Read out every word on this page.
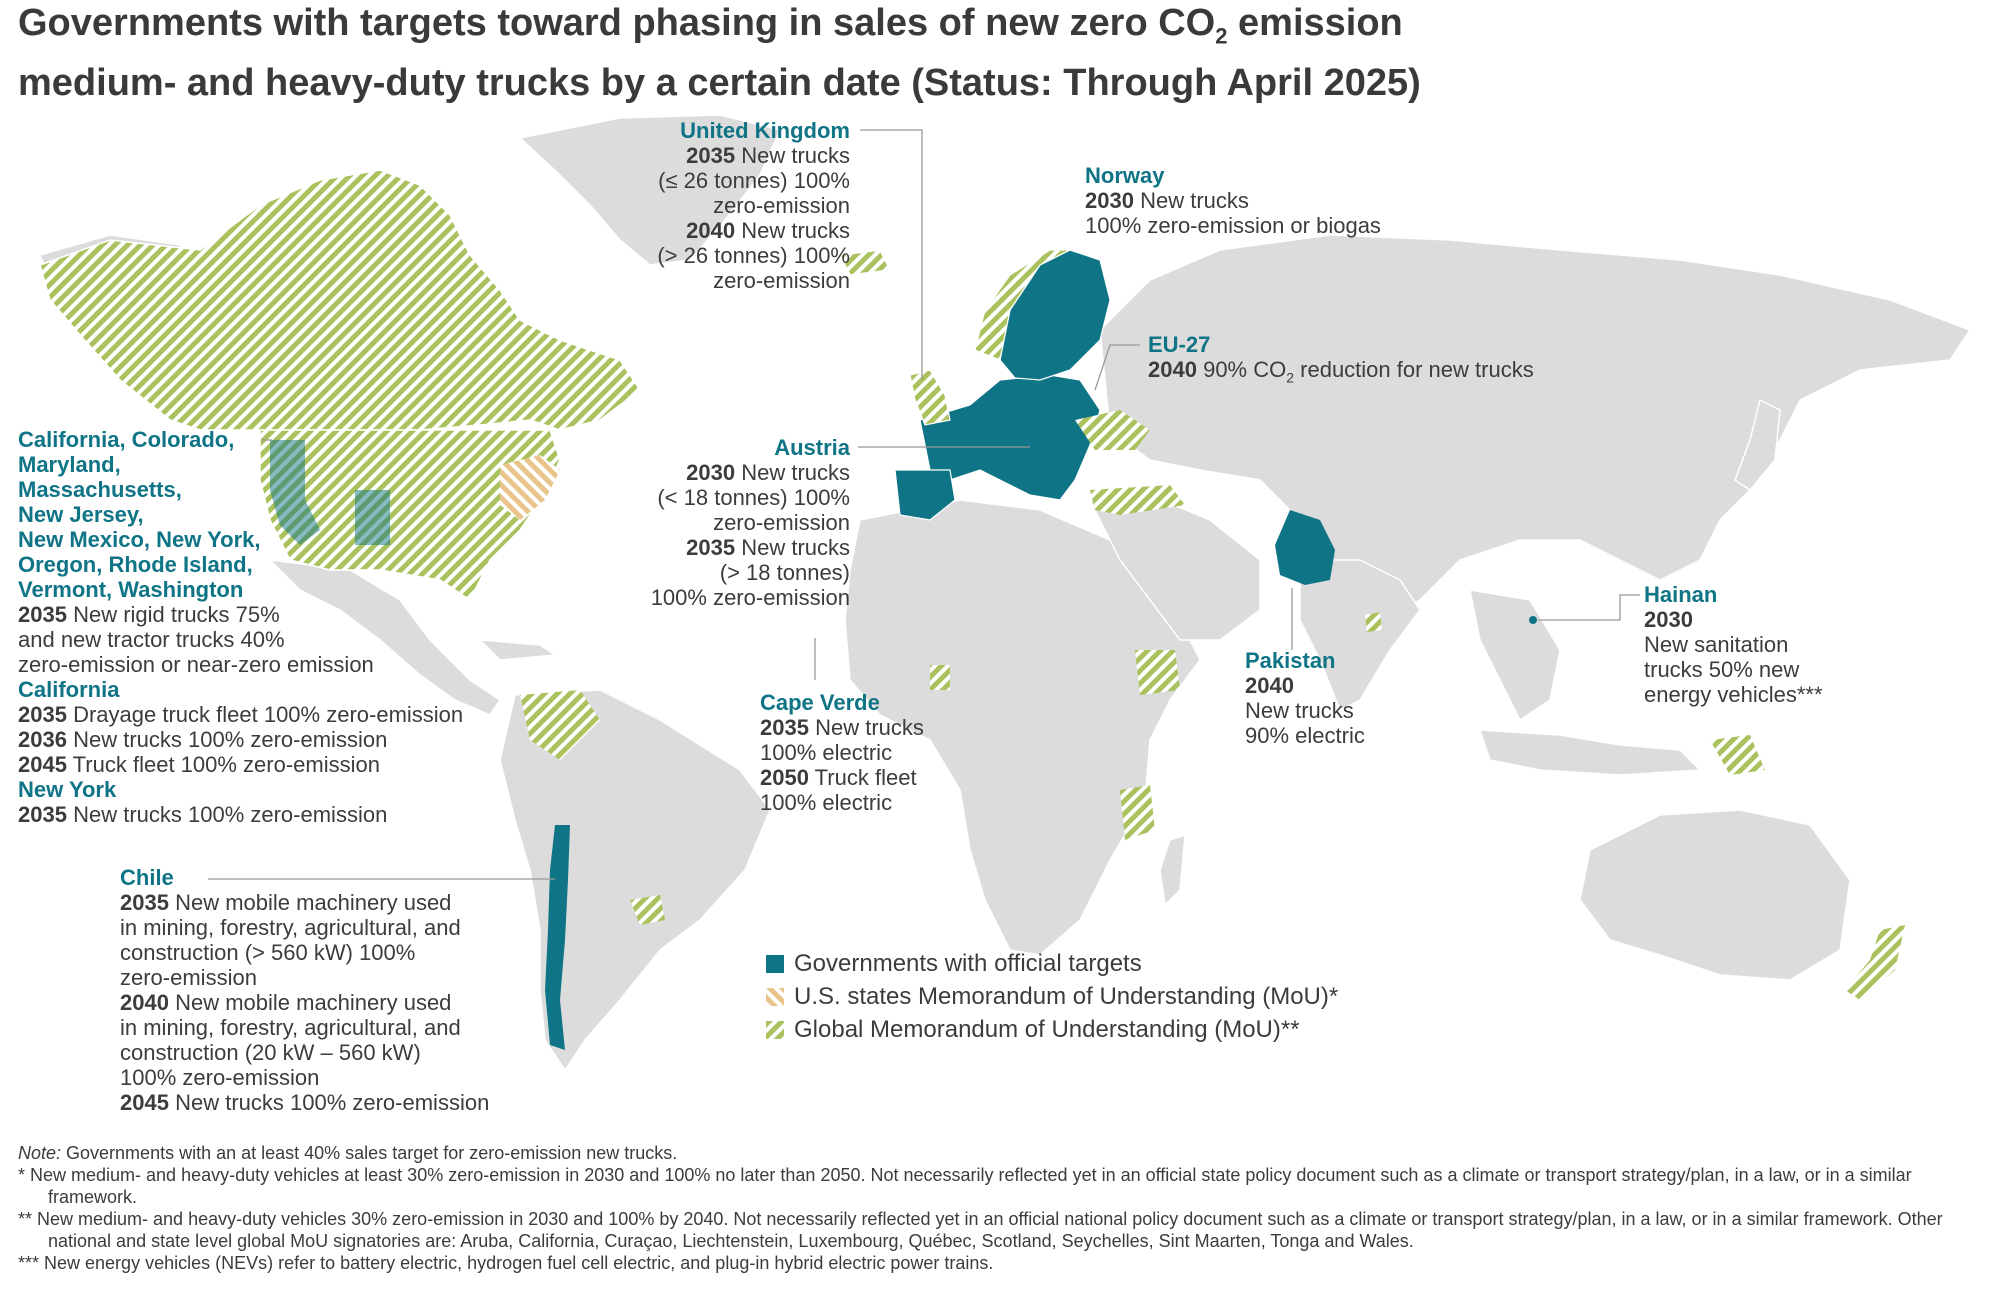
Governments with targets toward phasing in sales of new zero $CO_2$ emission
medium- and heavy-duty trucks by a certain date (Status: Through April 2025)
United Kingdom
2035 New trucks
(≤ 26 tonnes) 100%
zero-emission
2040 New trucks
(> 26 tonnes) 100%
zero-emission
Norway
2030 New trucks
100% zero-emission or biogas
EU-27
2040 90% $CO_2$ reduction for new trucks
Austria
2030 New trucks
(< 18 tonnes) 100%
zero-emission
2035 New trucks
(> 18 tonnes)
100% zero-emission
California, Colorado,
Maryland,
Massachusetts,
New Jersey,
New Mexico, New York,
Oregon, Rhode Island,
Vermont, Washington
2035 New rigid trucks 75%
and new tractor trucks 40%
zero-emission or near-zero emission
California
2035 Drayage truck fleet 100% zero-emission
2036 New trucks 100% zero-emission
2045 Truck fleet 100% zero-emission
New York
2035 New trucks 100% zero-emission
Chile
2035 New mobile machinery used
in mining, forestry, agricultural, and
construction (> 560 kW) 100%
zero-emission
2040 New mobile machinery used
in mining, forestry, agricultural, and
construction (20 kW – 560 kW)
100% zero-emission
2045 New trucks 100% zero-emission
Cape Verde
2035 New trucks
100% electric
2050 Truck fleet
100% electric
Pakistan
2040
New trucks
90% electric
Hainan
2030
New sanitation
trucks 50% new
energy vehicles***
Governments with official targets
U.S. states Memorandum of Understanding (MoU)*
Global Memorandum of Understanding (MoU)**
Note: Governments with an at least 40% sales target for zero-emission new trucks.
* New medium- and heavy-duty vehicles at least 30% zero-emission in 2030 and 100% no later than 2050. Not necessarily reflected yet in an official state policy document such as a climate or transport strategy/plan, in a law, or in a similar framework.
** New medium- and heavy-duty vehicles 30% zero-emission in 2030 and 100% by 2040. Not necessarily reflected yet in an official national policy document such as a climate or transport strategy/plan, in a law, or in a similar framework. Other national and state level global MoU signatories are: Aruba, California, Curaçao, Liechtenstein, Luxembourg, Québec, Scotland, Seychelles, Sint Maarten, Tonga and Wales.
*** New energy vehicles (NEVs) refer to battery electric, hydrogen fuel cell electric, and plug-in hybrid electric power trains.
